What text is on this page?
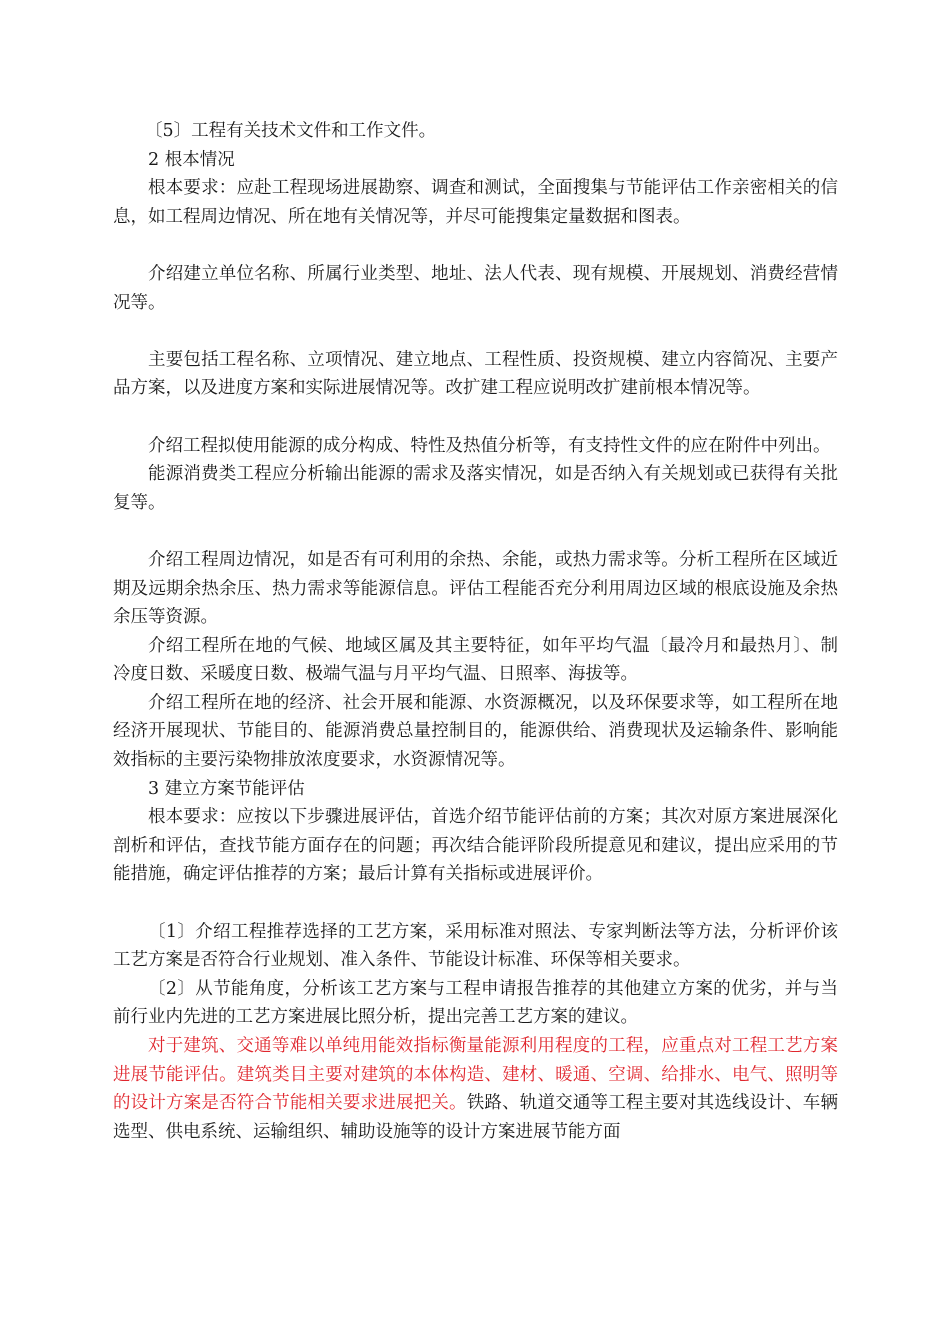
〔5〕工程有关技术文件和工作文件。

2 根本情况

根本要求：应赴工程现场进展勘察、调查和测试，全面搜集与节能评估工作亲密相关的信息，如工程周边情况、所在地有关情况等，并尽可能搜集定量数据和图表。

介绍建立单位名称、所属行业类型、地址、法人代表、现有规模、开展规划、消费经营情况等。

主要包括工程名称、立项情况、建立地点、工程性质、投资规模、建立内容简况、主要产品方案，以及进度方案和实际进展情况等。改扩建工程应说明改扩建前根本情况等。

介绍工程拟使用能源的成分构成、特性及热值分析等，有支持性文件的应在附件中列出。

能源消费类工程应分析输出能源的需求及落实情况，如是否纳入有关规划或已获得有关批复等。

介绍工程周边情况，如是否有可利用的余热、余能，或热力需求等。分析工程所在区域近期及远期余热余压、热力需求等能源信息。评估工程能否充分利用周边区域的根底设施及余热余压等资源。

介绍工程所在地的气候、地域区属及其主要特征，如年平均气温〔最冷月和最热月〕、制冷度日数、采暖度日数、极端气温与月平均气温、日照率、海拔等。

介绍工程所在地的经济、社会开展和能源、水资源概况，以及环保要求等，如工程所在地经济开展现状、节能目的、能源消费总量控制目的，能源供给、消费现状及运输条件、影响能效指标的主要污染物排放浓度要求，水资源情况等。

3 建立方案节能评估

根本要求：应按以下步骤进展评估，首选介绍节能评估前的方案；其次对原方案进展深化剖析和评估，查找节能方面存在的问题；再次结合能评阶段所提意见和建议，提出应采用的节能措施，确定评估推荐的方案；最后计算有关指标或进展评价。

〔1〕介绍工程推荐选择的工艺方案，采用标准对照法、专家判断法等方法，分析评价该工艺方案是否符合行业规划、准入条件、节能设计标准、环保等相关要求。

〔2〕从节能角度，分析该工艺方案与工程申请报告推荐的其他建立方案的优劣，并与当前行业内先进的工艺方案进展比照分析，提出完善工艺方案的建议。

对于建筑、交通等难以单纯用能效指标衡量能源利用程度的工程，应重点对工程工艺方案进展节能评估。建筑类目主要对建筑的本体构造、建材、暖通、空调、给排水、电气、照明等的设计方案是否符合节能相关要求进展把关。铁路、轨道交通等工程主要对其选线设计、车辆选型、供电系统、运输组织、辅助设施等的设计方案进展节能方面
